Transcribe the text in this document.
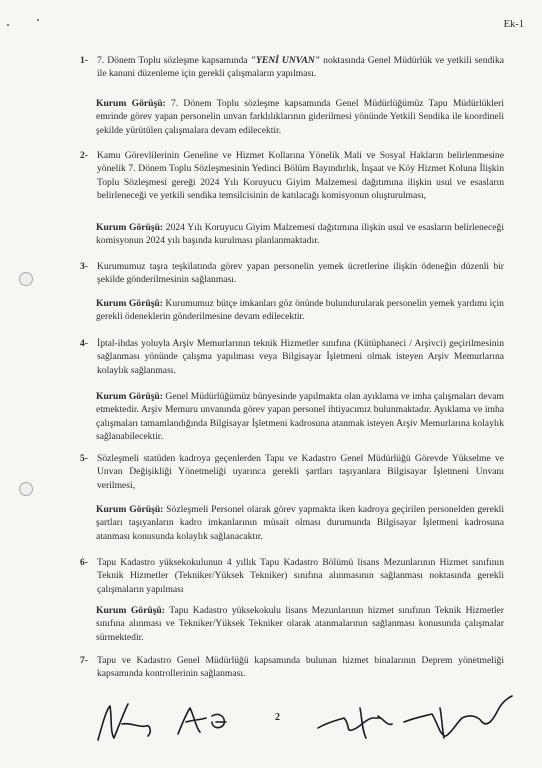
Ek-1
1- 7. Dönem Toplu sözleşme kapsamında "YENİ UNVAN" noktasında Genel Müdürlük ve yetkili sendika ile kanuni düzenleme için gerekli çalışmaların yapılması.
Kurum Görüşü: 7. Dönem Toplu sözleşme kapsamında Genel Müdürlüğümüz Tapu Müdürlükleri emrinde görev yapan personelin unvan farklılıklarının giderilmesi yönünde Yetkili Sendika ile koordineli şekilde yürütülen çalışmalara devam edilecektir.
2- Kamu Görevlilerinin Geneline ve Hizmet Kollarına Yönelik Mali ve Sosyal Hakların belirlenmesine yönelik 7. Dönem Toplu Sözleşmesinin Yedinci Bölüm Bayındırlık, İnşaat ve Köy Hizmet Koluna İlişkin Toplu Sözleşmesi gereği 2024 Yılı Koruyucu Giyim Malzemesi dağıtımına ilişkin usul ve esasların belirleneceği ve yetkili sendika temsilcisinin de katılacağı komisyonun oluşturulması,
Kurum Görüşü: 2024 Yılı Koruyucu Giyim Malzemesi dağıtımına ilişkin usul ve esasların belirleneceği komisyonun 2024 yılı başında kurulması planlanmaktadır.
3- Kurumumuz taşra teşkilatında görev yapan personelin yemek ücretlerine ilişkin ödeneğin düzenli bir şekilde gönderilmesinin sağlanması.
Kurum Görüşü: Kurumumuz bütçe imkanları göz önünde bulundurularak personelin yemek yardımı için gerekli ödeneklerin gönderilmesine devam edilecektir.
4- İptal-ihdas yoluyla Arşiv Memurlarının teknik Hizmetler sınıfına (Kütüphaneci / Arşivci) geçirilmesinin sağlanması yönünde çalışma yapılması veya Bilgisayar İşletmeni olmak isteyen Arşiv Memurlarına kolaylık sağlanması.
Kurum Görüşü: Genel Müdürlüğümüz bünyesinde yapılmakta olan ayıklama ve imha çalışmaları devam etmektedir. Arşiv Memuru unvanında görev yapan personel ihtiyacımız bulunmaktadır. Ayıklama ve imha çalışmaları tamamlandığında Bilgisayar İşletmeni kadrosuna atanmak isteyen Arşiv Memurlarına kolaylık sağlanabilecektir.
5- Sözleşmeli statüden kadroya geçenlerden Tapu ve Kadastro Genel Müdürlüğü Görevde Yükselme ve Unvan Değişikliği Yönetmeliği uyarınca gerekli şartları taşıyanlara Bilgisayar İşletmeni Unvanı verilmesi,
Kurum Görüşü: Sözleşmeli Personel olarak görev yapmakta iken kadroya geçirilen personelden gerekli şartları taşıyanların kadro imkanlarının müsait olması durumunda Bilgisayar İşletmeni kadrosuna atanması konusunda kolaylık sağlanacaktır.
6- Tapu Kadastro yüksekokulunun 4 yıllık Tapu Kadastro Bölümü lisans Mezunlarının Hizmet sınıfının Teknik Hizmetler (Tekniker/Yüksek Tekniker) sınıfına alınmasının sağlanması noktasında gerekli çalışmaların yapılması
Kurum Görüşü: Tapu Kadastro yüksekokulu lisans Mezunlarının hizmet sınıfının Teknik Hizmetler sınıfına alınması ve Tekniker/Yüksek Tekniker olarak atanmalarının sağlanması konusunda çalışmalar sürmektedir.
7- Tapu ve Kadastro Genel Müdürlüğü kapsamında bulunan hizmet binalarının Deprem yönetmeliği kapsamında kontrollerinin sağlanması.
2
